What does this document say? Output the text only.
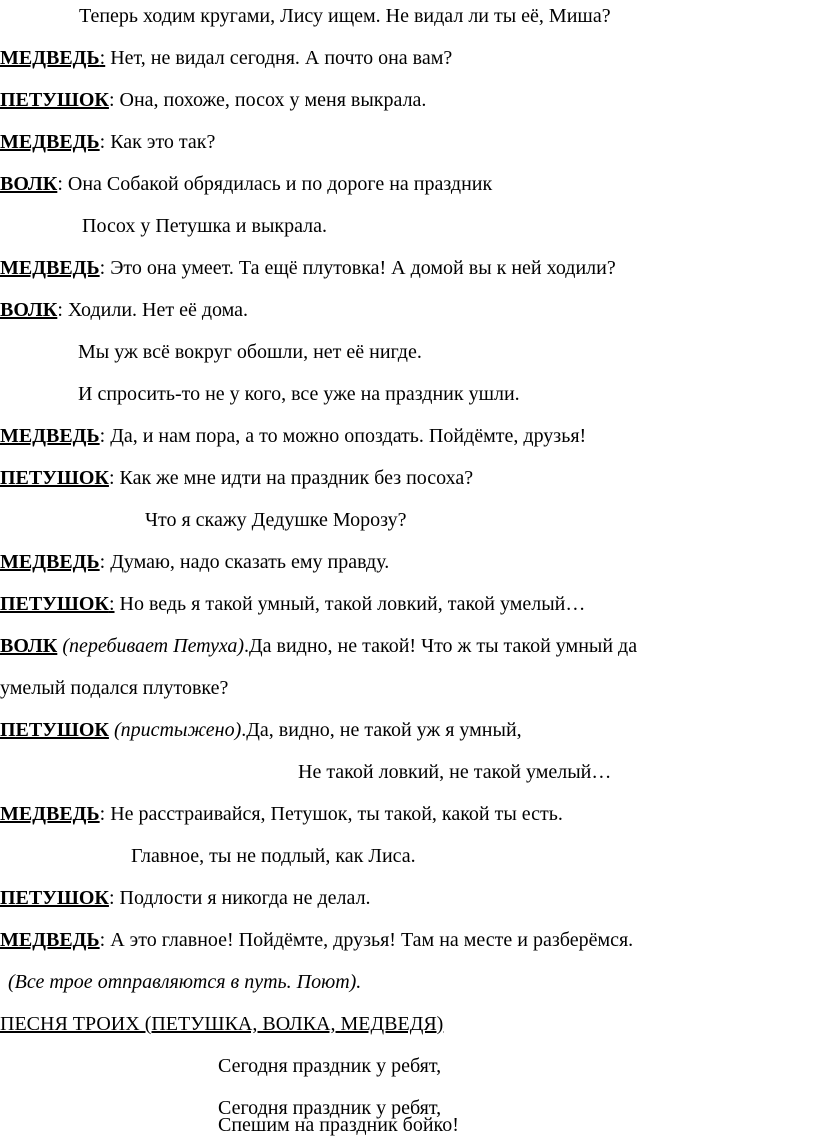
Теперь ходим кругами, Лису ищем. Не видал ли ты её, Миша?
МЕДВЕДЬ: Нет, не видал сегодня. А почто она вам?
ПЕТУШОК: Она, похоже, посох у меня выкрала.
МЕДВЕДЬ: Как это так?
ВОЛК: Она Собакой обрядилась и по дороге на праздник
Посох у Петушка и выкрала.
МЕДВЕДЬ: Это она умеет. Та ещё плутовка! А домой вы к ней ходили?
ВОЛК: Ходили. Нет её дома.
Мы уж всё вокруг обошли, нет её нигде.
И спросить-то не у кого, все уже на праздник ушли.
МЕДВЕДЬ: Да, и нам пора, а то можно опоздать. Пойдёмте, друзья!
ПЕТУШОК: Как же мне идти на праздник без посоха?
Что я скажу Дедушке Морозу?
МЕДВЕДЬ: Думаю, надо сказать ему правду.
ПЕТУШОК: Но ведь я такой умный, такой ловкий, такой умелый…
ВОЛК (перебивает Петуха).Да видно, не такой! Что ж ты такой умный да
умелый подался плутовке?
ПЕТУШОК (пристыжено).Да, видно, не такой уж я умный,
Не такой ловкий, не такой умелый…
МЕДВЕДЬ: Не расстраивайся, Петушок, ты такой, какой ты есть.
Главное, ты не подлый, как Лиса.
ПЕТУШОК: Подлости я никогда не делал.
МЕДВЕДЬ: А это главное! Пойдёмте, друзья! Там на месте и разберёмся.
(Все трое отправляются в путь. Поют).
ПЕСНЯ ТРОИХ (ПЕТУШКА, ВОЛКА, МЕДВЕДЯ)
Сегодня праздник у ребят,
Сегодня праздник у ребят,
Спешим на праздник бойко!
